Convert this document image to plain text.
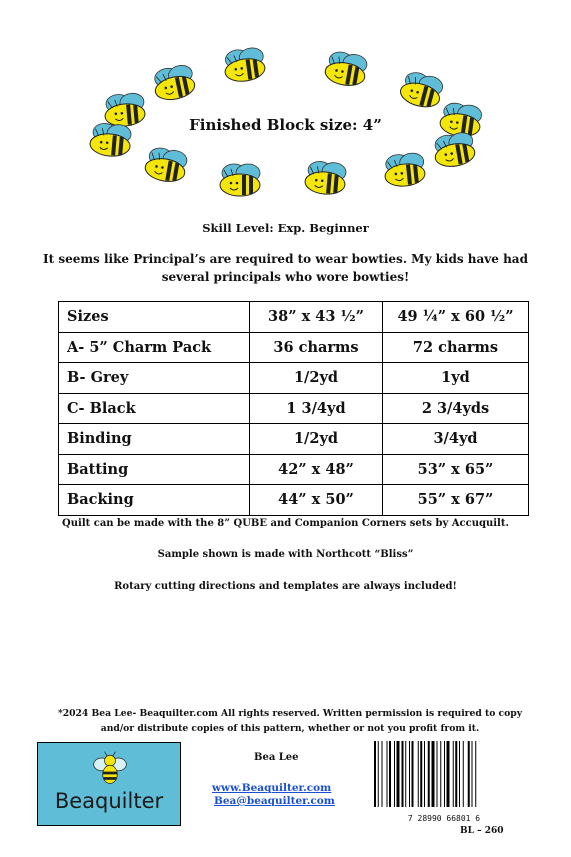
Finished Block size: 4”
Skill Level: Exp. Beginner
It seems like Principal’s are required to wear bowties. My kids have had several principals who wore bowties!
Sizes	38” x 43 ½”	49 ¼” x 60 ½”
A- 5” Charm Pack	36 charms	72 charms
B- Grey	1/2yd	1yd
C- Black	1 3/4yd	2 3/4yds
Binding	1/2yd	3/4yd
Batting	42” x 48”	53” x 65”
Backing	44” x 50”	55” x 67”
Quilt can be made with the 8” QUBE and Companion Corners sets by Accuquilt.
Sample shown is made with Northcott “Bliss”
Rotary cutting directions and templates are always included!
*2024 Bea Lee- Beaquilter.com All rights reserved. Written permission is required to copy and/or distribute copies of this pattern, whether or not you profit from it.
Beaquilter
Bea Lee
www.Beaquilter.com
Bea@beaquilter.com
7 28990 66801 6
BL – 260
